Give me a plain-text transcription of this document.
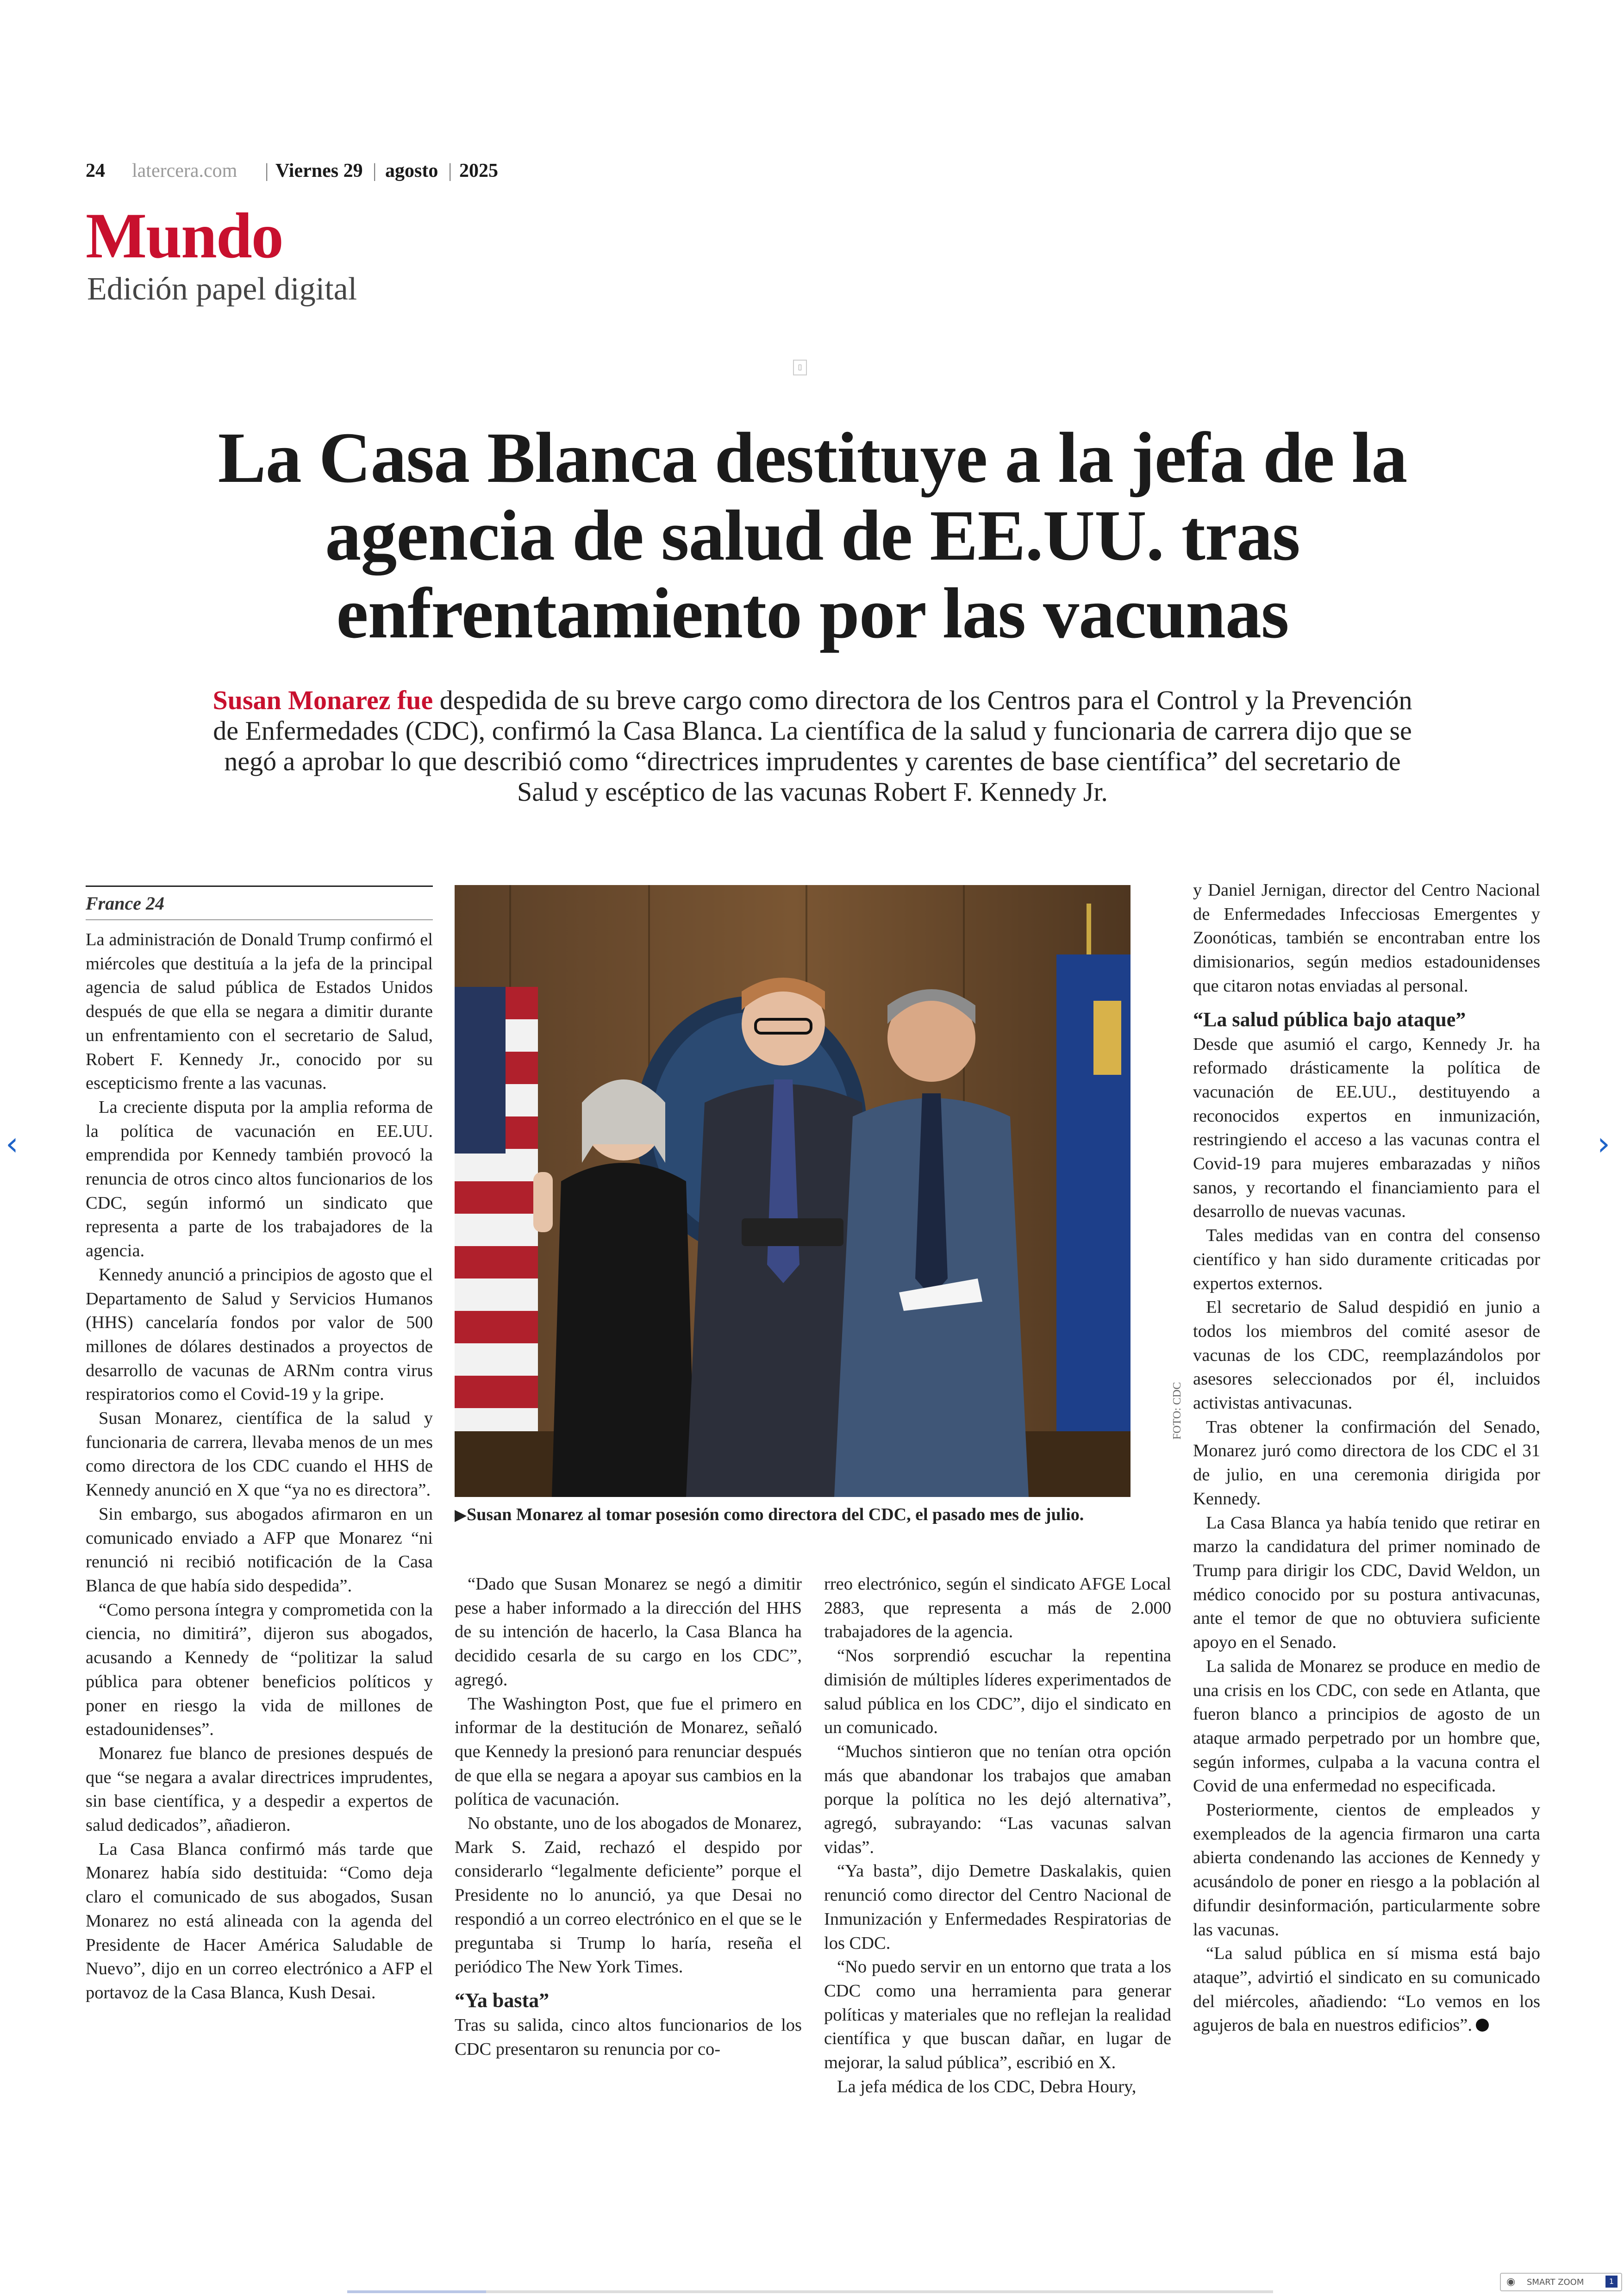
24 latercera.com | Viernes 29 | agosto | 2025
Mundo
Edición papel digital
▯
La Casa Blanca destituye a la jefa de la agencia de salud de EE.UU. tras enfrentamiento por las vacunas
Susan Monarez fue despedida de su breve cargo como directora de los Centros para el Control y la Prevención de Enfermedades (CDC), confirmó la Casa Blanca. La científica de la salud y funcionaria de carrera dijo que se negó a aprobar lo que describió como “directrices imprudentes y carentes de base científica” del secretario de Salud y escéptico de las vacunas Robert F. Kennedy Jr.
France 24

La administración de Donald Trump confirmó el miércoles que destituía a la jefa de la principal agencia de salud pública de Estados Unidos después de que ella se negara a dimitir durante un enfrentamiento con el secretario de Salud, Robert F. Kennedy Jr., conocido por su escepticismo frente a las vacunas.

La creciente disputa por la amplia reforma de la política de vacunación en EE.UU. emprendida por Kennedy también provocó la renuncia de otros cinco altos funcionarios de los CDC, según informó un sindicato que representa a parte de los trabajadores de la agencia.

Kennedy anunció a principios de agosto que el Departamento de Salud y Servicios Humanos (HHS) cancelaría fondos por valor de 500 millones de dólares destinados a proyectos de desarrollo de vacunas de ARNm contra virus respiratorios como el Covid-19 y la gripe.

Susan Monarez, científica de la salud y funcionaria de carrera, llevaba menos de un mes como directora de los CDC cuando el HHS de Kennedy anunció en X que “ya no es directora”.

Sin embargo, sus abogados afirmaron en un comunicado enviado a AFP que Monarez “ni renunció ni recibió notificación de la Casa Blanca de que había sido despedida”.

“Como persona íntegra y comprometida con la ciencia, no dimitirá”, dijeron sus abogados, acusando a Kennedy de “politizar la salud pública para obtener beneficios políticos y poner en riesgo la vida de millones de estadounidenses”.

Monarez fue blanco de presiones después de que “se negara a avalar directrices imprudentes, sin base científica, y a despedir a expertos de salud dedicados”, añadieron.

La Casa Blanca confirmó más tarde que Monarez había sido destituida: “Como deja claro el comunicado de sus abogados, Susan Monarez no está alineada con la agenda del Presidente de Hacer América Saludable de Nuevo”, dijo en un correo electrónico a AFP el portavoz de la Casa Blanca, Kush Desai.

FOTO: CDC
▶Susan Monarez al tomar posesión como directora del CDC, el pasado mes de julio.

“Dado que Susan Monarez se negó a dimitir pese a haber informado a la dirección del HHS de su intención de hacerlo, la Casa Blanca ha decidido cesarla de su cargo en los CDC”, agregó.

The Washington Post, que fue el primero en informar de la destitución de Monarez, señaló que Kennedy la presionó para renunciar después de que ella se negara a apoyar sus cambios en la política de vacunación.

No obstante, uno de los abogados de Monarez, Mark S. Zaid, rechazó el despido por considerarlo “legalmente deficiente” porque el Presidente no lo anunció, ya que Desai no respondió a un correo electrónico en el que se le preguntaba si Trump lo haría, reseña el periódico The New York Times.

“Ya basta”

Tras su salida, cinco altos funcionarios de los CDC presentaron su renuncia por co-

rreo electrónico, según el sindicato AFGE Local 2883, que representa a más de 2.000 trabajadores de la agencia.

“Nos sorprendió escuchar la repentina dimisión de múltiples líderes experimentados de salud pública en los CDC”, dijo el sindicato en un comunicado.

“Muchos sintieron que no tenían otra opción más que abandonar los trabajos que amaban porque la política no les dejó alternativa”, agregó, subrayando: “Las vacunas salvan vidas”.

“Ya basta”, dijo Demetre Daskalakis, quien renunció como director del Centro Nacional de Inmunización y Enfermedades Respiratorias de los CDC.

“No puedo servir en un entorno que trata a los CDC como una herramienta para generar políticas y materiales que no reflejan la realidad científica y que buscan dañar, en lugar de mejorar, la salud pública”, escribió en X.

La jefa médica de los CDC, Debra Houry,

y Daniel Jernigan, director del Centro Nacional de Enfermedades Infecciosas Emergentes y Zoonóticas, también se encontraban entre los dimisionarios, según medios estadounidenses que citaron notas enviadas al personal.

“La salud pública bajo ataque”

Desde que asumió el cargo, Kennedy Jr. ha reformado drásticamente la política de vacunación de EE.UU., destituyendo a reconocidos expertos en inmunización, restringiendo el acceso a las vacunas contra el Covid-19 para mujeres embarazadas y niños sanos, y recortando el financiamiento para el desarrollo de nuevas vacunas.

Tales medidas van en contra del consenso científico y han sido duramente criticadas por expertos externos.

El secretario de Salud despidió en junio a todos los miembros del comité asesor de vacunas de los CDC, reemplazándolos por asesores seleccionados por él, incluidos activistas antivacunas.

Tras obtener la confirmación del Senado, Monarez juró como directora de los CDC el 31 de julio, en una ceremonia dirigida por Kennedy.

La Casa Blanca ya había tenido que retirar en marzo la candidatura del primer nominado de Trump para dirigir los CDC, David Weldon, un médico conocido por su postura antivacunas, ante el temor de que no obtuviera suficiente apoyo en el Senado.

La salida de Monarez se produce en medio de una crisis en los CDC, con sede en Atlanta, que fueron blanco a principios de agosto de un ataque armado perpetrado por un hombre que, según informes, culpaba a la vacuna contra el Covid de una enfermedad no especificada.

Posteriormente, cientos de empleados y exempleados de la agencia firmaron una carta abierta condenando las acciones de Kennedy y acusándolo de poner en riesgo a la población al difundir desinformación, particularmente sobre las vacunas.

“La salud pública en sí misma está bajo ataque”, advirtió el sindicato en su comunicado del miércoles, añadiendo: “Lo vemos en los agujeros de bala en nuestros edificios”.

‹	›
◉ SMART ZOOM	1
